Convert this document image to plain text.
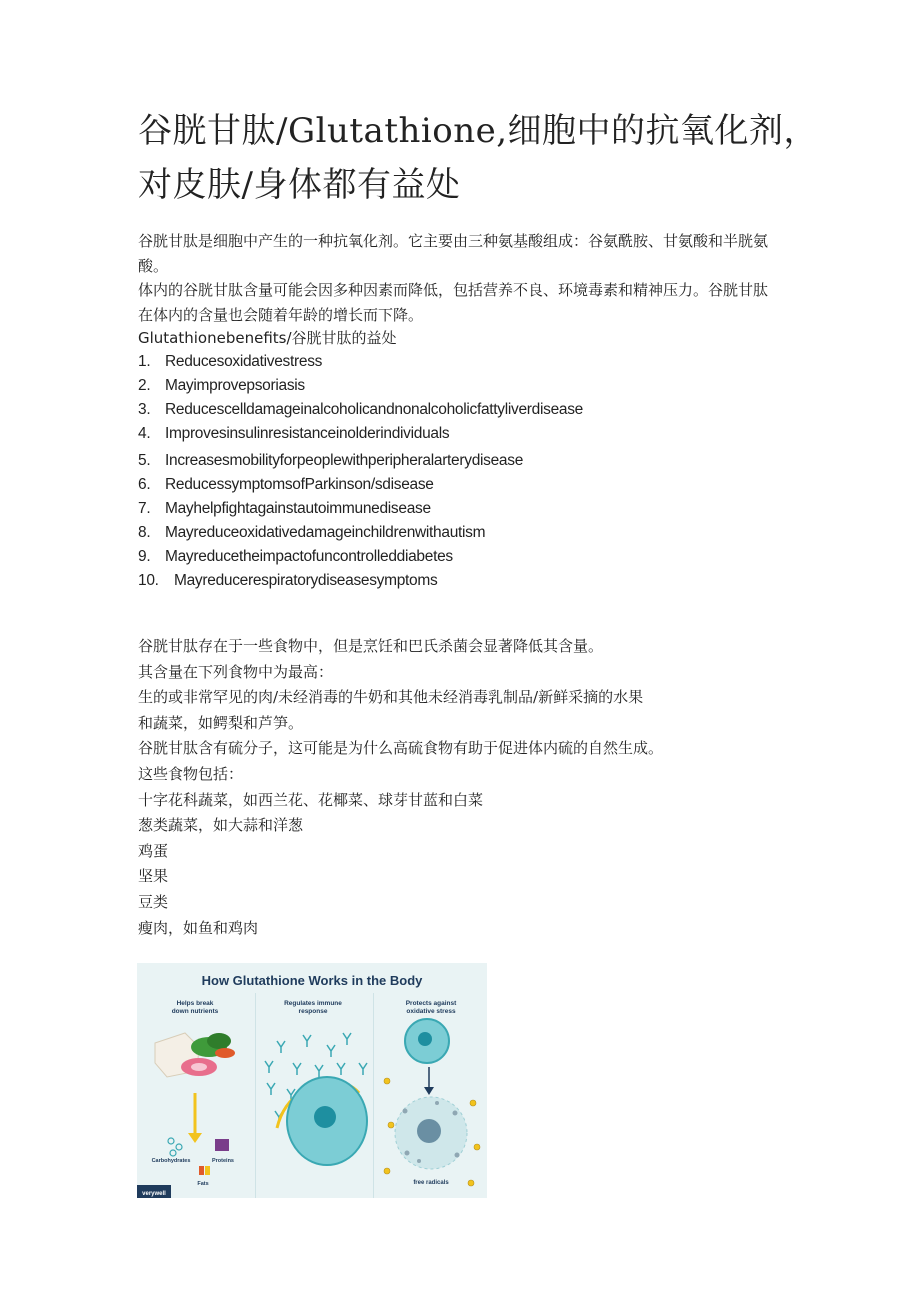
谷胱甘肽/Glutathione,细胞中的抗氧化剂，对皮肤/身体都有益处

谷胱甘肽是细胞中产生的一种抗氧化剂。它主要由三种氨基酸组成：谷氨酰胺、甘氨酸和半胱氨酸。

体内的谷胱甘肽含量可能会因多种因素而降低，包括营养不良、环境毒素和精神压力。谷胱甘肽在体内的含量也会随着年龄的增长而下降。

Glutathionebenefits/谷胱甘肽的益处
1. Reducesoxidativestress
2. Mayimprovepsoriasis
3. Reducescelldamageinalcoholicandnonalcoholicfattyliverdisease
4. Improvesinsulinresistanceinolderindividuals
5. Increasesmobilityforpeoplewithperipheralarterydisease
6. ReducessymptomsofParkinson/sdisease
7. Mayhelpfightagainstautoimmunedisease
8. Mayreduceoxidativedamageinchildrenwithautism
9. Mayreducetheimpactofuncontrolleddiabetes
10. Mayreducerespiratorydiseasesymptoms
谷胱甘肽存在于一些食物中，但是烹饪和巴氏杀菌会显著降低其含量。
其含量在下列食物中为最高：
生的或非常罕见的肉/未经消毒的牛奶和其他未经消毒乳制品/新鲜采摘的水果
和蔬菜，如鳄梨和芦笋。
谷胱甘肽含有硫分子，这可能是为什么高硫食物有助于促进体内硫的自然生成。
这些食物包括：
十字花科蔬菜，如西兰花、花椰菜、球芽甘蓝和白菜
葱类蔬菜，如大蒜和洋葱
鸡蛋
坚果
豆类
瘦肉，如鱼和鸡肉
How Glutathione Works in the Body
Helps break down nutrients
Regulates immune response
Protects against oxidative stress
Carbohydrates	Proteins
Fats
verywell
free radicals
